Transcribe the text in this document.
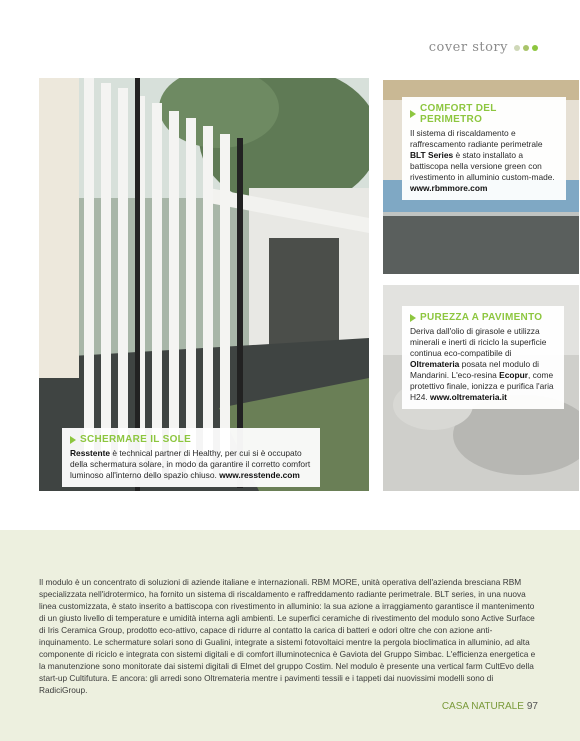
cover story
SCHERMARE IL SOLE
Resstente è technical partner di Healthy, per cui si è occupato della schermatura solare, in modo da garantire il corretto comfort luminoso all'interno dello spazio chiuso. www.resstende.com
COMFORT DEL PERIMETRO
Il sistema di riscaldamento e raffrescamento radiante perimetrale BLT Series è stato installato a battiscopa nella versione green con rivestimento in alluminio custom-made. www.rbmmore.com
PUREZZA A PAVIMENTO
Deriva dall'olio di girasole e utilizza minerali e inerti di riciclo la superficie continua eco-compatibile di Oltremateria posata nel modulo di Mandarini. L'eco-resina Ecopur, come protettivo finale, ionizza e purifica l'aria H24. www.oltremateria.it

Il modulo è un concentrato di soluzioni di aziende italiane e internazionali. RBM MORE, unità operativa dell'azienda bresciana RBM specializzata nell'idrotermico, ha fornito un sistema di riscaldamento e raffreddamento radiante perimetrale. BLT series, in una nuova linea customizzata, è stato inserito a battiscopa con rivestimento in alluminio: la sua azione a irraggiamento garantisce il mantenimento di un giusto livello di temperature e umidità interna agli ambienti. Le superfici ceramiche di rivestimento del modulo sono Active Surface di Iris Ceramica Group, prodotto eco-attivo, capace di ridurre al contatto la carica di batteri e odori oltre che con azione anti-inquinamento. Le schermature solari sono di Gualini, integrate a sistemi fotovoltaici mentre la pergola bioclimatica in alluminio, ad alta componente di riciclo e integrata con sistemi digitali e di comfort illuminotecnica è Gaviota del Gruppo Simbac. L'efficienza energetica e la manutenzione sono monitorate dai sistemi digitali di Elmet del gruppo Costim. Nel modulo è presente una vertical farm CultEvo della start-up Cultifutura. E ancora: gli arredi sono Oltremateria mentre i pavimenti tessili e i tappeti dai nuovissimi modelli sono di RadiciGroup.

CASA NATURALE 97
